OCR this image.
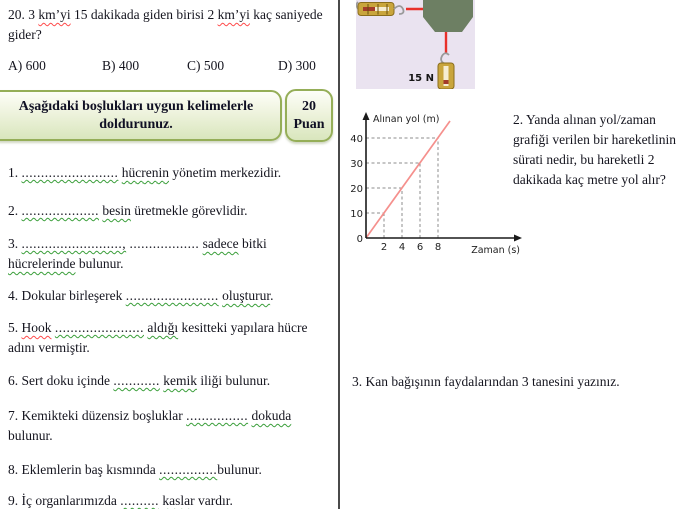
20. 3 km’yi 15 dakikada giden birisi 2 km’yi kaç saniyede gider?
A) 600	B) 400	C) 500	D) 300
Aşağıdaki boşlukları uygun kelimelerle doldurunuz.
20
Puan
1. ......................... hücrenin yönetim merkezidir.
2. .................... besin üretmekle görevlidir.
3. .........................., .................. sadece bitki hücrelerinde bulunur.
4. Dokular birleşerek ........................ oluşturur.
5. Hook ....................... aldığı kesitteki yapılara hücre adını vermiştir.
6. Sert doku içinde ............ kemik iliği bulunur.
7. Kemikteki düzensiz boşluklar ................ dokuda bulunur.
8. Eklemlerin baş kısmında ...............bulunur.
9. İç organlarımızda .......... kaslar vardır.
15 N
Alınan yol (m)
Zaman (s)
40
30
20
10
0
2 4 6 8
2. Yanda alınan yol/zaman grafiği verilen bir hareketlinin sürati nedir, bu hareketli 2 dakikada kaç metre yol alır?
3. Kan bağışının faydalarından 3 tanesini yazınız.
